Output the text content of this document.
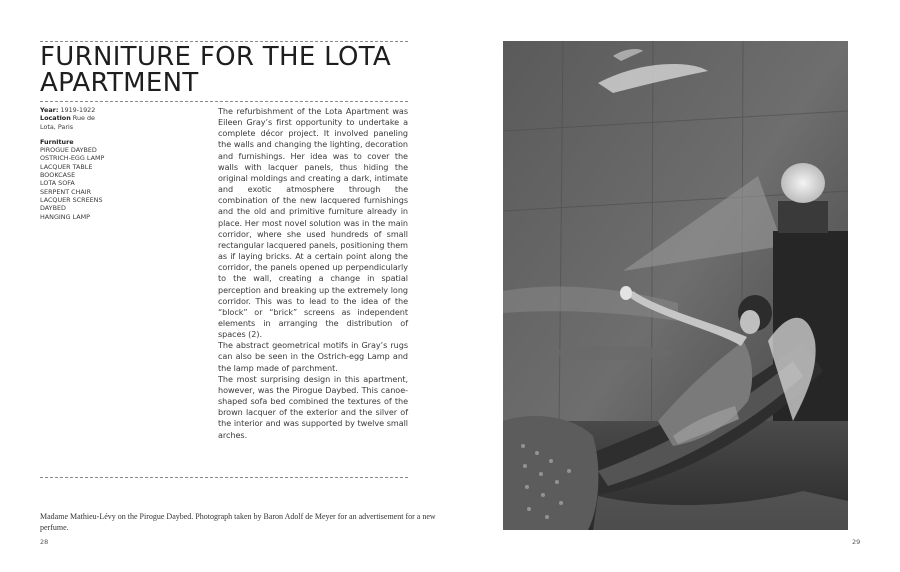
FURNITURE FOR THE LOTA
APARTMENT
Year: 1919-1922
Location Rue de Lota, Paris
Furniture
PIROGUE DAYBED
OSTRICH-EGG LAMP
LACQUER TABLE
BOOKCASE
LOTA SOFA
SERPENT CHAIR
LACQUER SCREENS
DAYBED
HANGING LAMP

The refurbishment of the Lota Apartment was Eileen Gray’s first opportunity to undertake a complete décor project. It involved paneling the walls and changing the lighting, decoration and furnishings. Her idea was to cover the walls with lacquer panels, thus hiding the original moldings and creating a dark, intimate and exotic atmosphere through the combination of the new lacquered furnishings and the old and primitive furniture already in place. Her most novel solution was in the main corridor, where she used hundreds of small rectangular lacquered panels, positioning them as if laying bricks. At a certain point along the corridor, the panels opened up perpendicularly to the wall, creating a change in spatial perception and breaking up the extremely long corridor. This was to lead to the idea of the “block” or “brick” screens as independent elements in arranging the distribution of spaces (2).

The abstract geometrical motifs in Gray’s rugs can also be seen in the Ostrich-egg Lamp and the lamp made of parchment.

The most surprising design in this apartment, however, was the Pirogue Daybed. This canoe-shaped sofa bed combined the textures of the brown lacquer of the exterior and the silver of the interior and was supported by twelve small arches.

Madame Mathieu-Lévy on the Pirogue Daybed. Photograph taken by Baron Adolf de Meyer for an advertisement for a new perfume.
28	29
